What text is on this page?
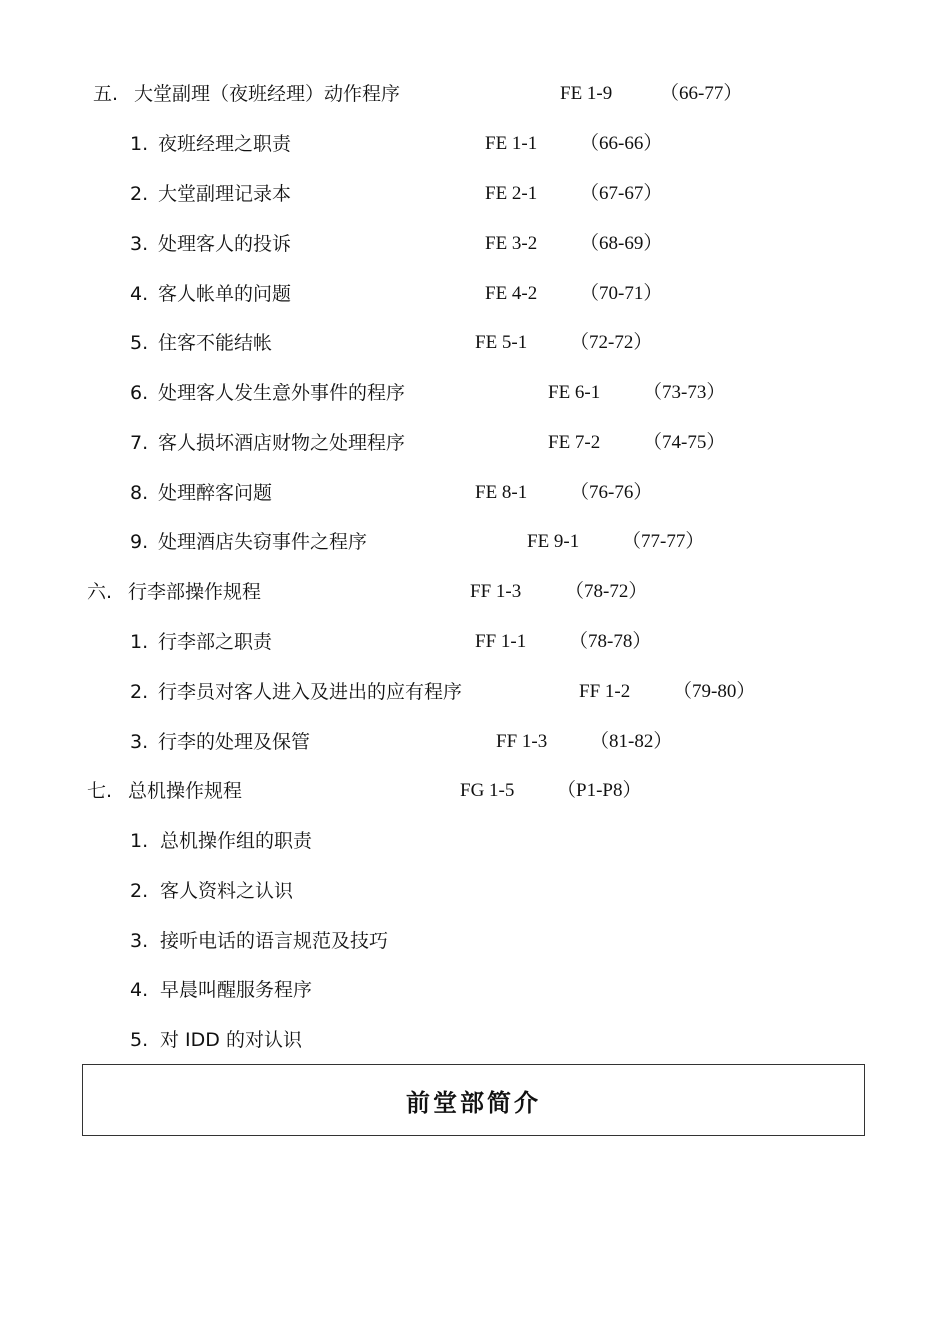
五. 大堂副理（夜班经理）动作程序	FE 1-9	（66-77）
1. 夜班经理之职责	FE 1-1 （66-66）
2. 大堂副理记录本	FE 2-1 （67-67）
3. 处理客人的投诉	FE 3-2 （68-69）
4. 客人帐单的问题	FE 4-2 （70-71）
5. 住客不能结帐	FE 5-1 （72-72）
6. 处理客人发生意外事件的程序	FE 6-1 （73-73）
7. 客人损坏酒店财物之处理程序	FE 7-2 （74-75）
8. 处理醉客问题	FE 8-1 （76-76）
9. 处理酒店失窃事件之程序	FE 9-1 （77-77）
六. 行李部操作规程	FF 1-3 （78-72）
1. 行李部之职责	FF 1-1 （78-78）
2. 行李员对客人进入及进出的应有程序	FF 1-2 （79-80）
3. 行李的处理及保管	FF 1-3 （81-82）
七. 总机操作规程	FG 1-5 （P1-P8）
1. 总机操作组的职责
2. 客人资料之认识
3. 接听电话的语言规范及技巧
4. 早晨叫醒服务程序
5. 对 IDD 的对认识
前堂部简介
